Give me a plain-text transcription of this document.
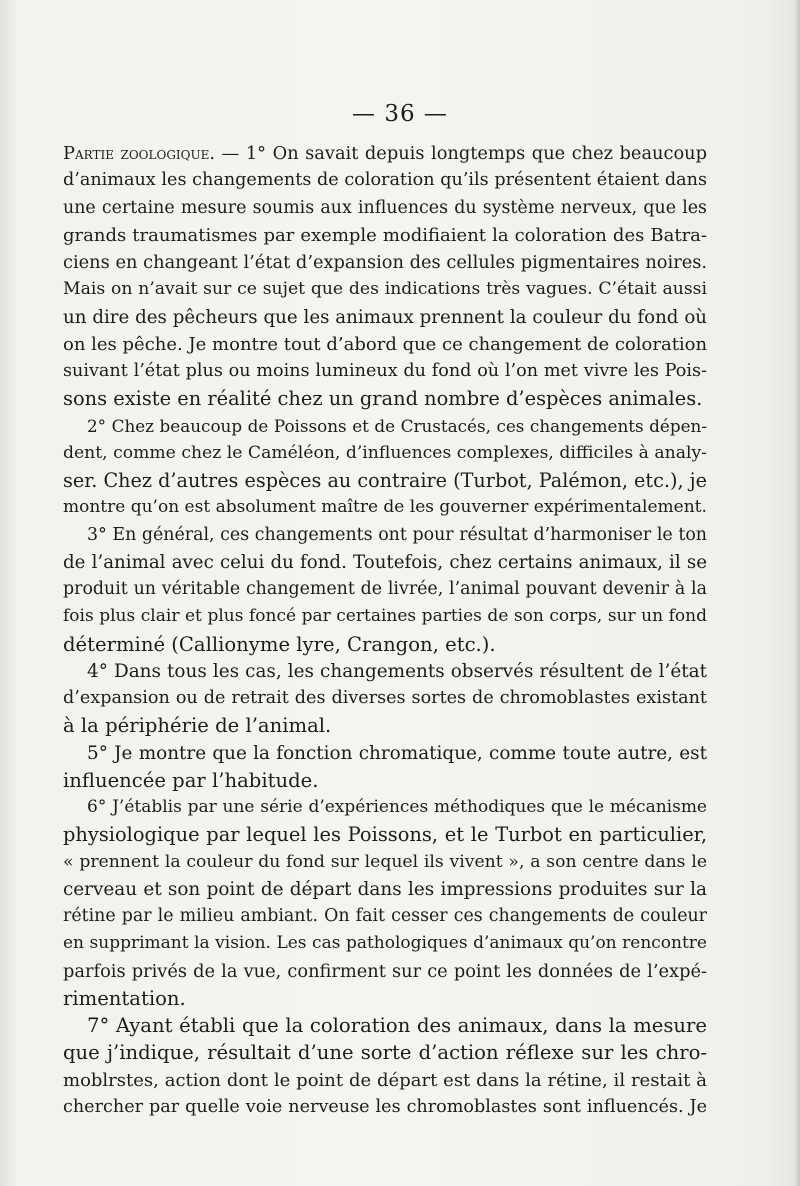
— 36 —
Partie zoologique. — 1° On savait depuis longtemps que chez beaucoup
d’animaux les changements de coloration qu’ils présentent étaient dans
une certaine mesure soumis aux influences du système nerveux, que les
grands traumatismes par exemple modifiaient la coloration des Batra-
ciens en changeant l’état d’expansion des cellules pigmentaires noires.
Mais on n’avait sur ce sujet que des indications très vagues. C’était aussi
un dire des pêcheurs que les animaux prennent la couleur du fond où
on les pêche. Je montre tout d’abord que ce changement de coloration
suivant l’état plus ou moins lumineux du fond où l’on met vivre les Pois-
sons existe en réalité chez un grand nombre d’espèces animales.
2° Chez beaucoup de Poissons et de Crustacés, ces changements dépen-
dent, comme chez le Caméléon, d’influences complexes, difficiles à analy-
ser. Chez d’autres espèces au contraire (Turbot, Palémon, etc.), je
montre qu’on est absolument maître de les gouverner expérimentalement.
3° En général, ces changements ont pour résultat d’harmoniser le ton
de l’animal avec celui du fond. Toutefois, chez certains animaux, il se
produit un véritable changement de livrée, l’animal pouvant devenir à la
fois plus clair et plus foncé par certaines parties de son corps, sur un fond
déterminé (Callionyme lyre, Crangon, etc.).
4° Dans tous les cas, les changements observés résultent de l’état
d’expansion ou de retrait des diverses sortes de chromoblastes existant
à la périphérie de l’animal.
5° Je montre que la fonction chromatique, comme toute autre, est
influencée par l’habitude.
6° J’établis par une série d’expériences méthodiques que le mécanisme
physiologique par lequel les Poissons, et le Turbot en particulier,
« prennent la couleur du fond sur lequel ils vivent », a son centre dans le
cerveau et son point de départ dans les impressions produites sur la
rétine par le milieu ambiant. On fait cesser ces changements de couleur
en supprimant la vision. Les cas pathologiques d’animaux qu’on rencontre
parfois privés de la vue, confirment sur ce point les données de l’expé-
rimentation.
7° Ayant établi que la coloration des animaux, dans la mesure
que j’indique, résultait d’une sorte d’action réflexe sur les chro-
moblrstes, action dont le point de départ est dans la rétine, il restait à
chercher par quelle voie nerveuse les chromoblastes sont influencés. Je
